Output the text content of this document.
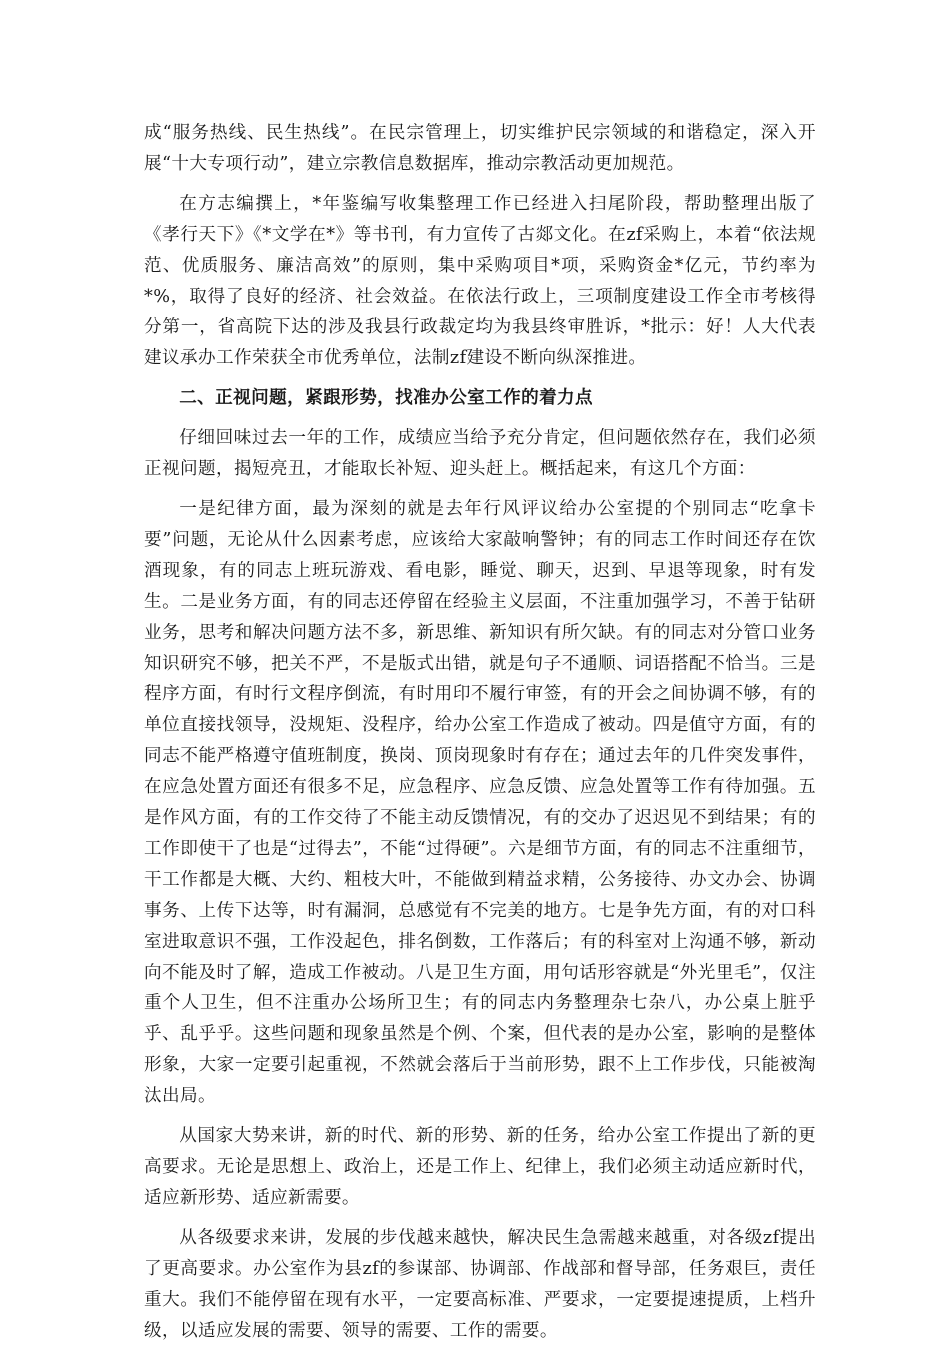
成“服务热线、民生热线”。在民宗管理上，切实维护民宗领域的和谐稳定，深入开展“十大专项行动”，建立宗教信息数据库，推动宗教活动更加规范。

在方志编撰上，*年鉴编写收集整理工作已经进入扫尾阶段，帮助整理出版了《孝行天下》《*文学在*》等书刊，有力宣传了古郯文化。在zf采购上，本着“依法规范、优质服务、廉洁高效”的原则，集中采购项目*项，采购资金*亿元，节约率为*%，取得了良好的经济、社会效益。在依法行政上，三项制度建设工作全市考核得分第一，省高院下达的涉及我县行政裁定均为我县终审胜诉，*批示：好！人大代表建议承办工作荣获全市优秀单位，法制zf建设不断向纵深推进。

二、正视问题，紧跟形势，找准办公室工作的着力点

仔细回味过去一年的工作，成绩应当给予充分肯定，但问题依然存在，我们必须正视问题，揭短亮丑，才能取长补短、迎头赶上。概括起来，有这几个方面：

一是纪律方面，最为深刻的就是去年行风评议给办公室提的个别同志“吃拿卡要”问题，无论从什么因素考虑，应该给大家敲响警钟；有的同志工作时间还存在饮酒现象，有的同志上班玩游戏、看电影，睡觉、聊天，迟到、早退等现象，时有发生。二是业务方面，有的同志还停留在经验主义层面，不注重加强学习，不善于钻研业务，思考和解决问题方法不多，新思维、新知识有所欠缺。有的同志对分管口业务知识研究不够，把关不严，不是版式出错，就是句子不通顺、词语搭配不恰当。三是程序方面，有时行文程序倒流，有时用印不履行审签，有的开会之间协调不够，有的单位直接找领导，没规矩、没程序，给办公室工作造成了被动。四是值守方面，有的同志不能严格遵守值班制度，换岗、顶岗现象时有存在；通过去年的几件突发事件，在应急处置方面还有很多不足，应急程序、应急反馈、应急处置等工作有待加强。五是作风方面，有的工作交待了不能主动反馈情况，有的交办了迟迟见不到结果；有的工作即使干了也是“过得去”，不能“过得硬”。六是细节方面，有的同志不注重细节，干工作都是大概、大约、粗枝大叶，不能做到精益求精，公务接待、办文办会、协调事务、上传下达等，时有漏洞，总感觉有不完美的地方。七是争先方面，有的对口科室进取意识不强，工作没起色，排名倒数，工作落后；有的科室对上沟通不够，新动向不能及时了解，造成工作被动。八是卫生方面，用句话形容就是“外光里毛”，仅注重个人卫生，但不注重办公场所卫生；有的同志内务整理杂七杂八，办公桌上脏乎乎、乱乎乎。这些问题和现象虽然是个例、个案，但代表的是办公室，影响的是整体形象，大家一定要引起重视，不然就会落后于当前形势，跟不上工作步伐，只能被淘汰出局。

从国家大势来讲，新的时代、新的形势、新的任务，给办公室工作提出了新的更高要求。无论是思想上、政治上，还是工作上、纪律上，我们必须主动适应新时代，适应新形势、适应新需要。

从各级要求来讲，发展的步伐越来越快，解决民生急需越来越重，对各级zf提出了更高要求。办公室作为县zf的参谋部、协调部、作战部和督导部，任务艰巨，责任重大。我们不能停留在现有水平，一定要高标准、严要求，一定要提速提质，上档升级，以适应发展的需要、领导的需要、工作的需要。
